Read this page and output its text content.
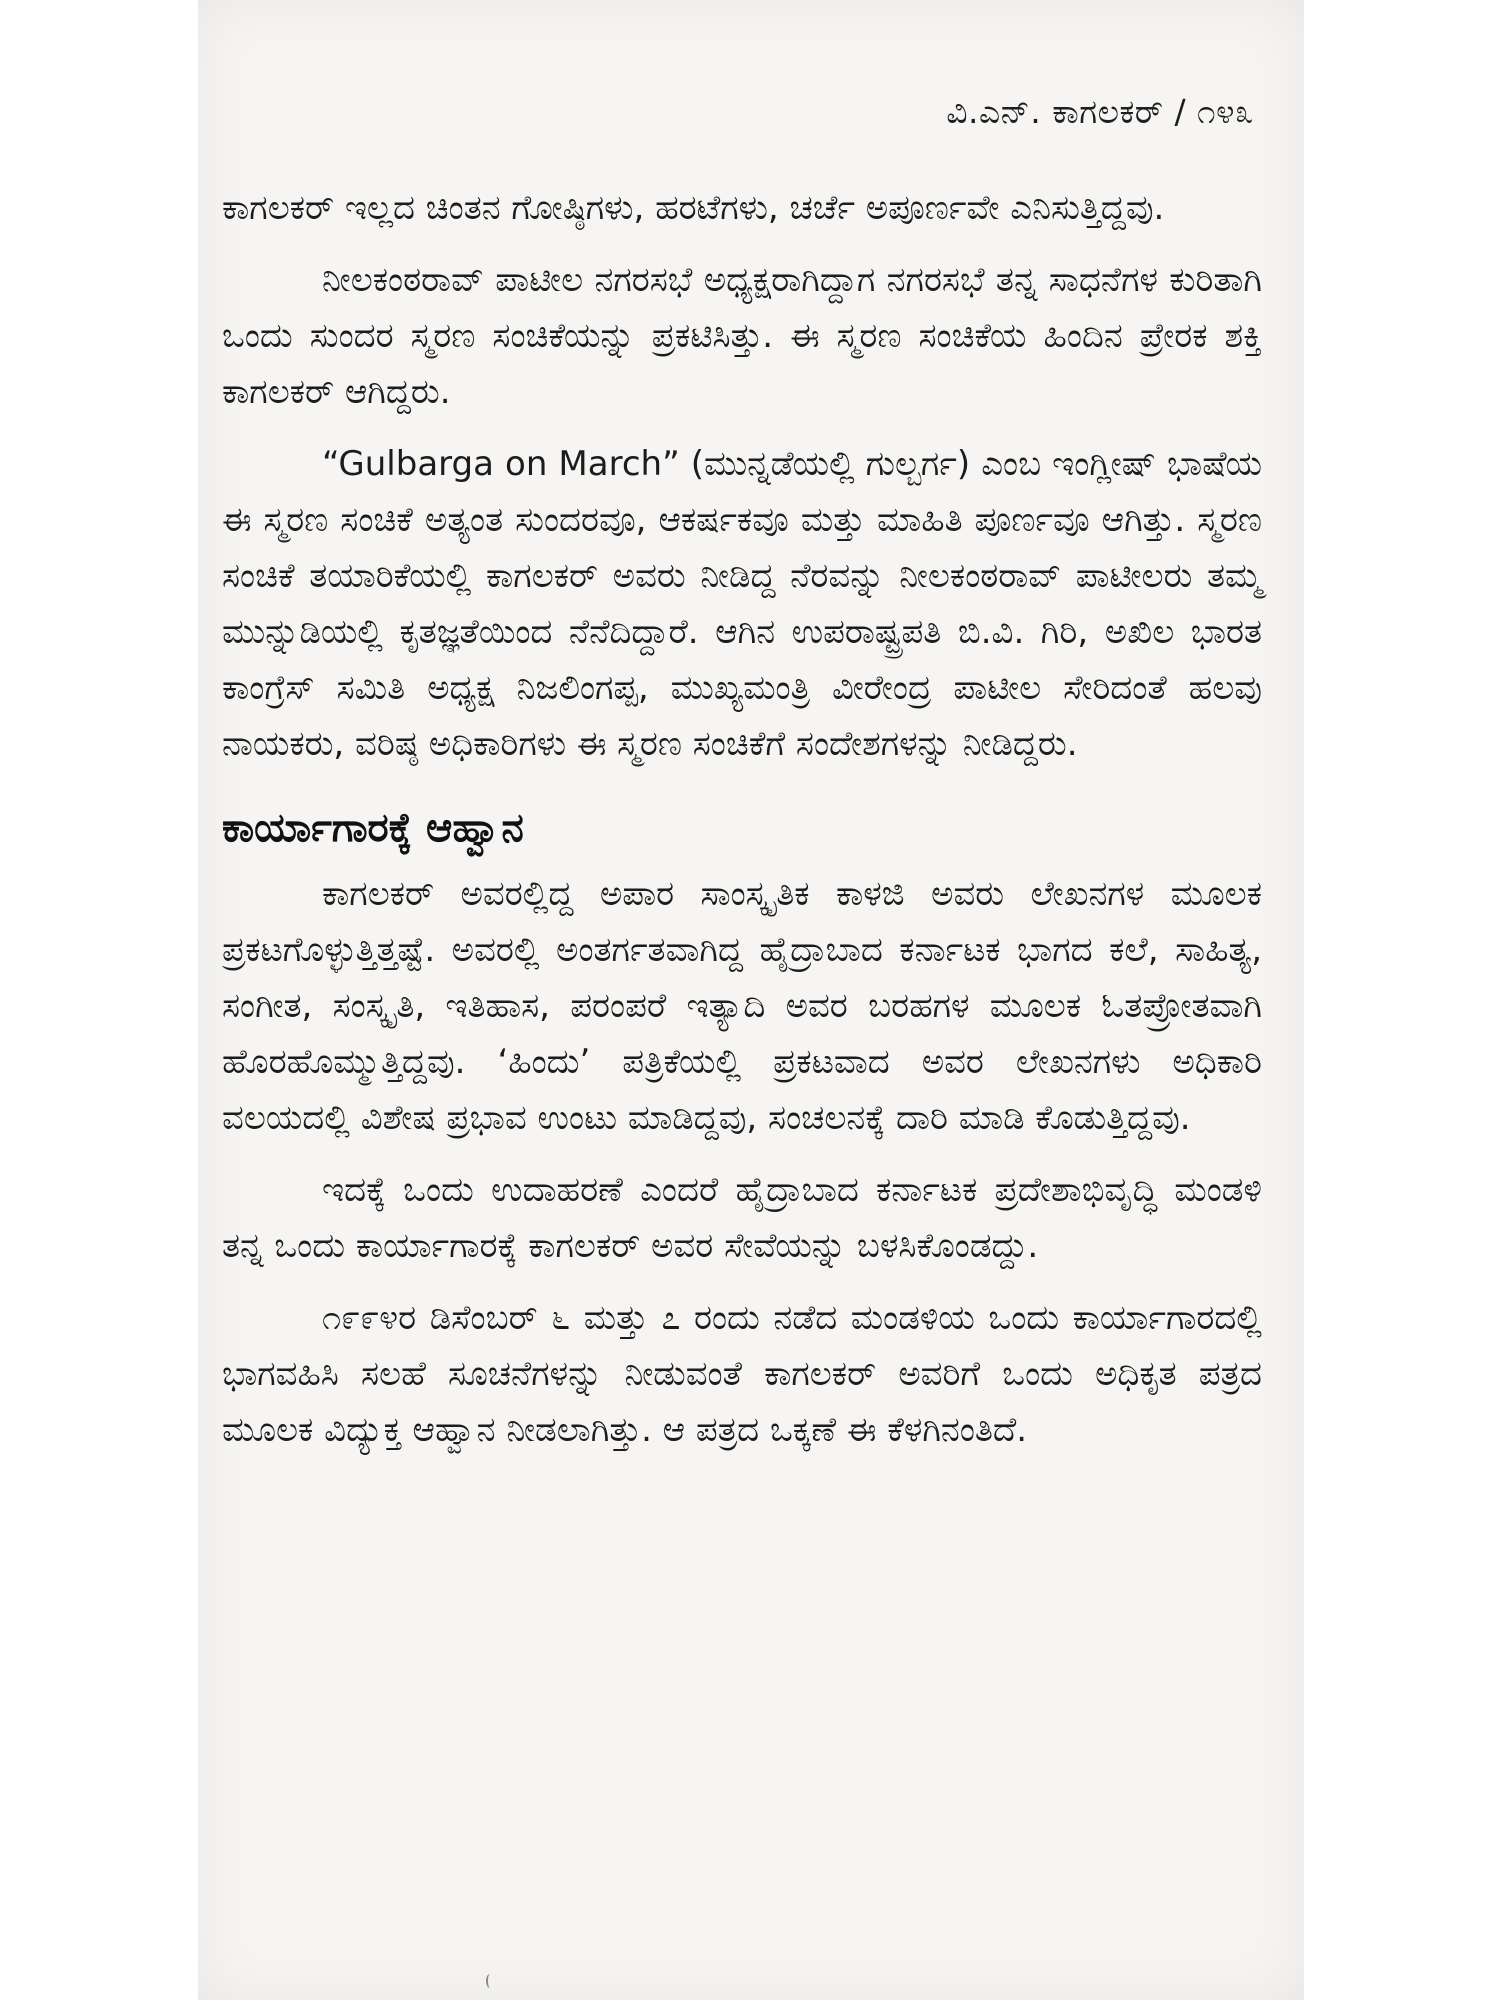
ವಿ.ಎನ್. ಕಾಗಲಕರ್ / ೧೪೩

ಕಾಗಲಕರ್ ಇಲ್ಲದ ಚಿಂತನ ಗೋಷ್ಠಿಗಳು, ಹರಟೆಗಳು, ಚರ್ಚೆ ಅಪೂರ್ಣವೇ ಎನಿಸುತ್ತಿದ್ದವು.

ನೀಲಕಂಠರಾವ್ ಪಾಟೀಲ ನಗರಸಭೆ ಅಧ್ಯಕ್ಷರಾಗಿದ್ದಾಗ ನಗರಸಭೆ ತನ್ನ ಸಾಧನೆಗಳ ಕುರಿತಾಗಿ ಒಂದು ಸುಂದರ ಸ್ಮರಣ ಸಂಚಿಕೆಯನ್ನು ಪ್ರಕಟಿಸಿತ್ತು. ಈ ಸ್ಮರಣ ಸಂಚಿಕೆಯ ಹಿಂದಿನ ಪ್ರೇರಕ ಶಕ್ತಿ ಕಾಗಲಕರ್ ಆಗಿದ್ದರು.

“Gulbarga on March” (ಮುನ್ನಡೆಯಲ್ಲಿ ಗುಲ್ಬರ್ಗ) ಎಂಬ ಇಂಗ್ಲೀಷ್ ಭಾಷೆಯ ಈ ಸ್ಮರಣ ಸಂಚಿಕೆ ಅತ್ಯಂತ ಸುಂದರವೂ, ಆಕರ್ಷಕವೂ ಮತ್ತು ಮಾಹಿತಿ ಪೂರ್ಣವೂ ಆಗಿತ್ತು. ಸ್ಮರಣ ಸಂಚಿಕೆ ತಯಾರಿಕೆಯಲ್ಲಿ ಕಾಗಲಕರ್ ಅವರು ನೀಡಿದ್ದ ನೆರವನ್ನು ನೀಲಕಂಠರಾವ್ ಪಾಟೀಲರು ತಮ್ಮ ಮುನ್ನುಡಿಯಲ್ಲಿ ಕೃತಜ್ಞತೆಯಿಂದ ನೆನೆದಿದ್ದಾರೆ. ಆಗಿನ ಉಪರಾಷ್ಟ್ರಪತಿ ಬಿ.ವಿ. ಗಿರಿ, ಅಖಿಲ ಭಾರತ ಕಾಂಗ್ರೆಸ್ ಸಮಿತಿ ಅಧ್ಯಕ್ಷ ನಿಜಲಿಂಗಪ್ಪ, ಮುಖ್ಯಮಂತ್ರಿ ವೀರೇಂದ್ರ ಪಾಟೀಲ ಸೇರಿದಂತೆ ಹಲವು ನಾಯಕರು, ವರಿಷ್ಠ ಅಧಿಕಾರಿಗಳು ಈ ಸ್ಮರಣ ಸಂಚಿಕೆಗೆ ಸಂದೇಶಗಳನ್ನು ನೀಡಿದ್ದರು.

ಕಾರ್ಯಾಗಾರಕ್ಕೆ ಆಹ್ವಾನ

ಕಾಗಲಕರ್ ಅವರಲ್ಲಿದ್ದ ಅಪಾರ ಸಾಂಸ್ಕೃತಿಕ ಕಾಳಜಿ ಅವರು ಲೇಖನಗಳ ಮೂಲಕ ಪ್ರಕಟಗೊಳ್ಳುತ್ತಿತ್ತಷ್ಟೆ. ಅವರಲ್ಲಿ ಅಂತರ್ಗತವಾಗಿದ್ದ ಹೈದ್ರಾಬಾದ ಕರ್ನಾಟಕ ಭಾಗದ ಕಲೆ, ಸಾಹಿತ್ಯ, ಸಂಗೀತ, ಸಂಸ್ಕೃತಿ, ಇತಿಹಾಸ, ಪರಂಪರೆ ಇತ್ಯಾದಿ ಅವರ ಬರಹಗಳ ಮೂಲಕ ಓತಪ್ರೋತವಾಗಿ ಹೊರಹೊಮ್ಮುತ್ತಿದ್ದವು. ‘ಹಿಂದು’ ಪತ್ರಿಕೆಯಲ್ಲಿ ಪ್ರಕಟವಾದ ಅವರ ಲೇಖನಗಳು ಅಧಿಕಾರಿ ವಲಯದಲ್ಲಿ ವಿಶೇಷ ಪ್ರಭಾವ ಉಂಟು ಮಾಡಿದ್ದವು, ಸಂಚಲನಕ್ಕೆ ದಾರಿ ಮಾಡಿ ಕೊಡುತ್ತಿದ್ದವು.

ಇದಕ್ಕೆ ಒಂದು ಉದಾಹರಣೆ ಎಂದರೆ ಹೈದ್ರಾಬಾದ ಕರ್ನಾಟಕ ಪ್ರದೇಶಾಭಿವೃದ್ಧಿ ಮಂಡಳಿ ತನ್ನ ಒಂದು ಕಾರ್ಯಾಗಾರಕ್ಕೆ ಕಾಗಲಕರ್ ಅವರ ಸೇವೆಯನ್ನು ಬಳಸಿಕೊಂಡದ್ದು.

೧೯೯೪ರ ಡಿಸೆಂಬರ್ ೬ ಮತ್ತು ೭ ರಂದು ನಡೆದ ಮಂಡಳಿಯ ಒಂದು ಕಾರ್ಯಾಗಾರದಲ್ಲಿ ಭಾಗವಹಿಸಿ ಸಲಹೆ ಸೂಚನೆಗಳನ್ನು ನೀಡುವಂತೆ ಕಾಗಲಕರ್ ಅವರಿಗೆ ಒಂದು ಅಧಿಕೃತ ಪತ್ರದ ಮೂಲಕ ವಿದ್ಯುಕ್ತ ಆಹ್ವಾನ ನೀಡಲಾಗಿತ್ತು. ಆ ಪತ್ರದ ಒಕ್ಕಣೆ ಈ ಕೆಳಗಿನಂತಿದೆ.
